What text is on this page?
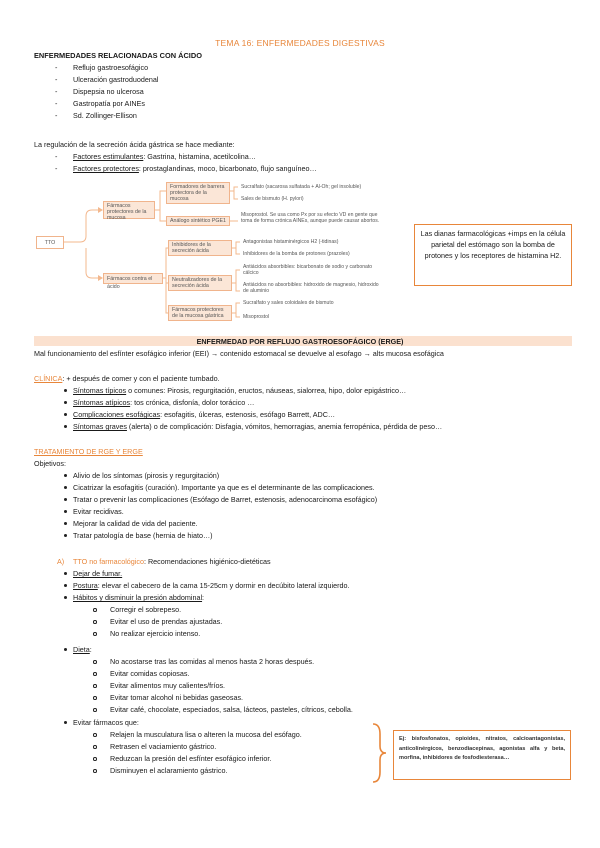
TEMA 16: ENFERMEDADES DIGESTIVAS
ENFERMEDADES RELACIONADAS CON ÁCIDO
- Reflujo gastroesofágico
- Ulceración gastroduodenal
- Dispepsia no ulcerosa
- Gastropatía por AINEs
- Sd. Zollinger-Ellison
La regulación de la secreción ácida gástrica se hace mediante:
- Factores estimulantes: Gastrina, histamina, acetilcolina…
- Factores protectores: prostaglandinas, moco, bicarbonato, flujo sanguíneo…
TTO
Fármacos protectores de la mucosa
Fármacos contra el ácido
Formadores de barrera protectora de la mucosa
Análogo sintético PGE1
Sucralfato (sacarosa sulfatada + Al-Oh; gel insoluble)
Sales de bismuto (H. pylori)
Misoprostol. Se usa como Px por su efecto VD en gente que toma de forma crónica AINEs, aunque puede causar abortos.
Inhibidores de la secreción ácida
Antagonistas histaminérgicos H2 (-tidinas)
Inhibidores de la bomba de protones (prazoles)
Neutralizadores de la secreción ácida
Antiácidos absorbibles: bicarbonato de sodio y carbonato cálcico
Antiácidos no absorbibles: hidroxido de magnesio, hidroxido de aluminio
Fármacos protectores de la mucosa gástrica
Sucralfato y sales coloidales de bismuto
Misoprostol
Las dianas farmacológicas +imps en la célula parietal del estómago son la bomba de protones y los receptores de histamina H2.
ENFERMEDAD POR REFLUJO GASTROESOFÁGICO (ERGE)
Mal funcionamiento del esfínter esofágico inferior (EEI) → contenido estomacal se devuelve al esofago → alts mucosa esofágica
CLÍNICA: + después de comer y con el paciente tumbado.
Síntomas típicos o comunes: Pirosis, regurgitación, eructos, náuseas, sialorrea, hipo, dolor epigástrico…
Síntomas atípicos: tos crónica, disfonía, dolor torácico …
Complicaciones esofágicas: esofagitis, úlceras, estenosis, esófago Barrett, ADC…
Síntomas graves (alerta) o de complicación: Disfagia, vómitos, hemorragias, anemia ferropénica, pérdida de peso…
TRATAMIENTO DE RGE Y ERGE
Objetivos:
Alivio de los síntomas (pirosis y regurgitación)
Cicatrizar la esofagitis (curación). Importante ya que es el determinante de las complicaciones.
Tratar o prevenir las complicaciones (Esófago de Barret, estenosis, adenocarcinoma esofágico)
Evitar recidivas.
Mejorar la calidad de vida del paciente.
Tratar patología de base (hernia de hiato…)
A) TTO no farmacológico: Recomendaciones higiénico-dietéticas
Dejar de fumar.
Postura: elevar el cabecero de la cama 15-25cm y dormir en decúbito lateral izquierdo.
Hábitos y disminuir la presión abdominal:
Corregir el sobrepeso.
Evitar el uso de prendas ajustadas.
No realizar ejercicio intenso.
Dieta:
No acostarse tras las comidas al menos hasta 2 horas después.
Evitar comidas copiosas.
Evitar alimentos muy calientes/fríos.
Evitar tomar alcohol ni bebidas gaseosas.
Evitar café, chocolate, especiados, salsa, lácteos, pasteles, cítricos, cebolla.
Evitar fármacos que:
Relajen la musculatura lisa o alteren la mucosa del esófago.
Retrasen el vaciamiento gástrico.
Reduzcan la presión del esfínter esofágico inferior.
Disminuyen el aclaramiento gástrico.
Ej: bisfosfonatos, opioides, nitratos, calcioantagonistas, anticolinérgicos, benzodiacepinas, agonistas alfa y beta, morfina, inhibidores de fosfodiesterasa…
